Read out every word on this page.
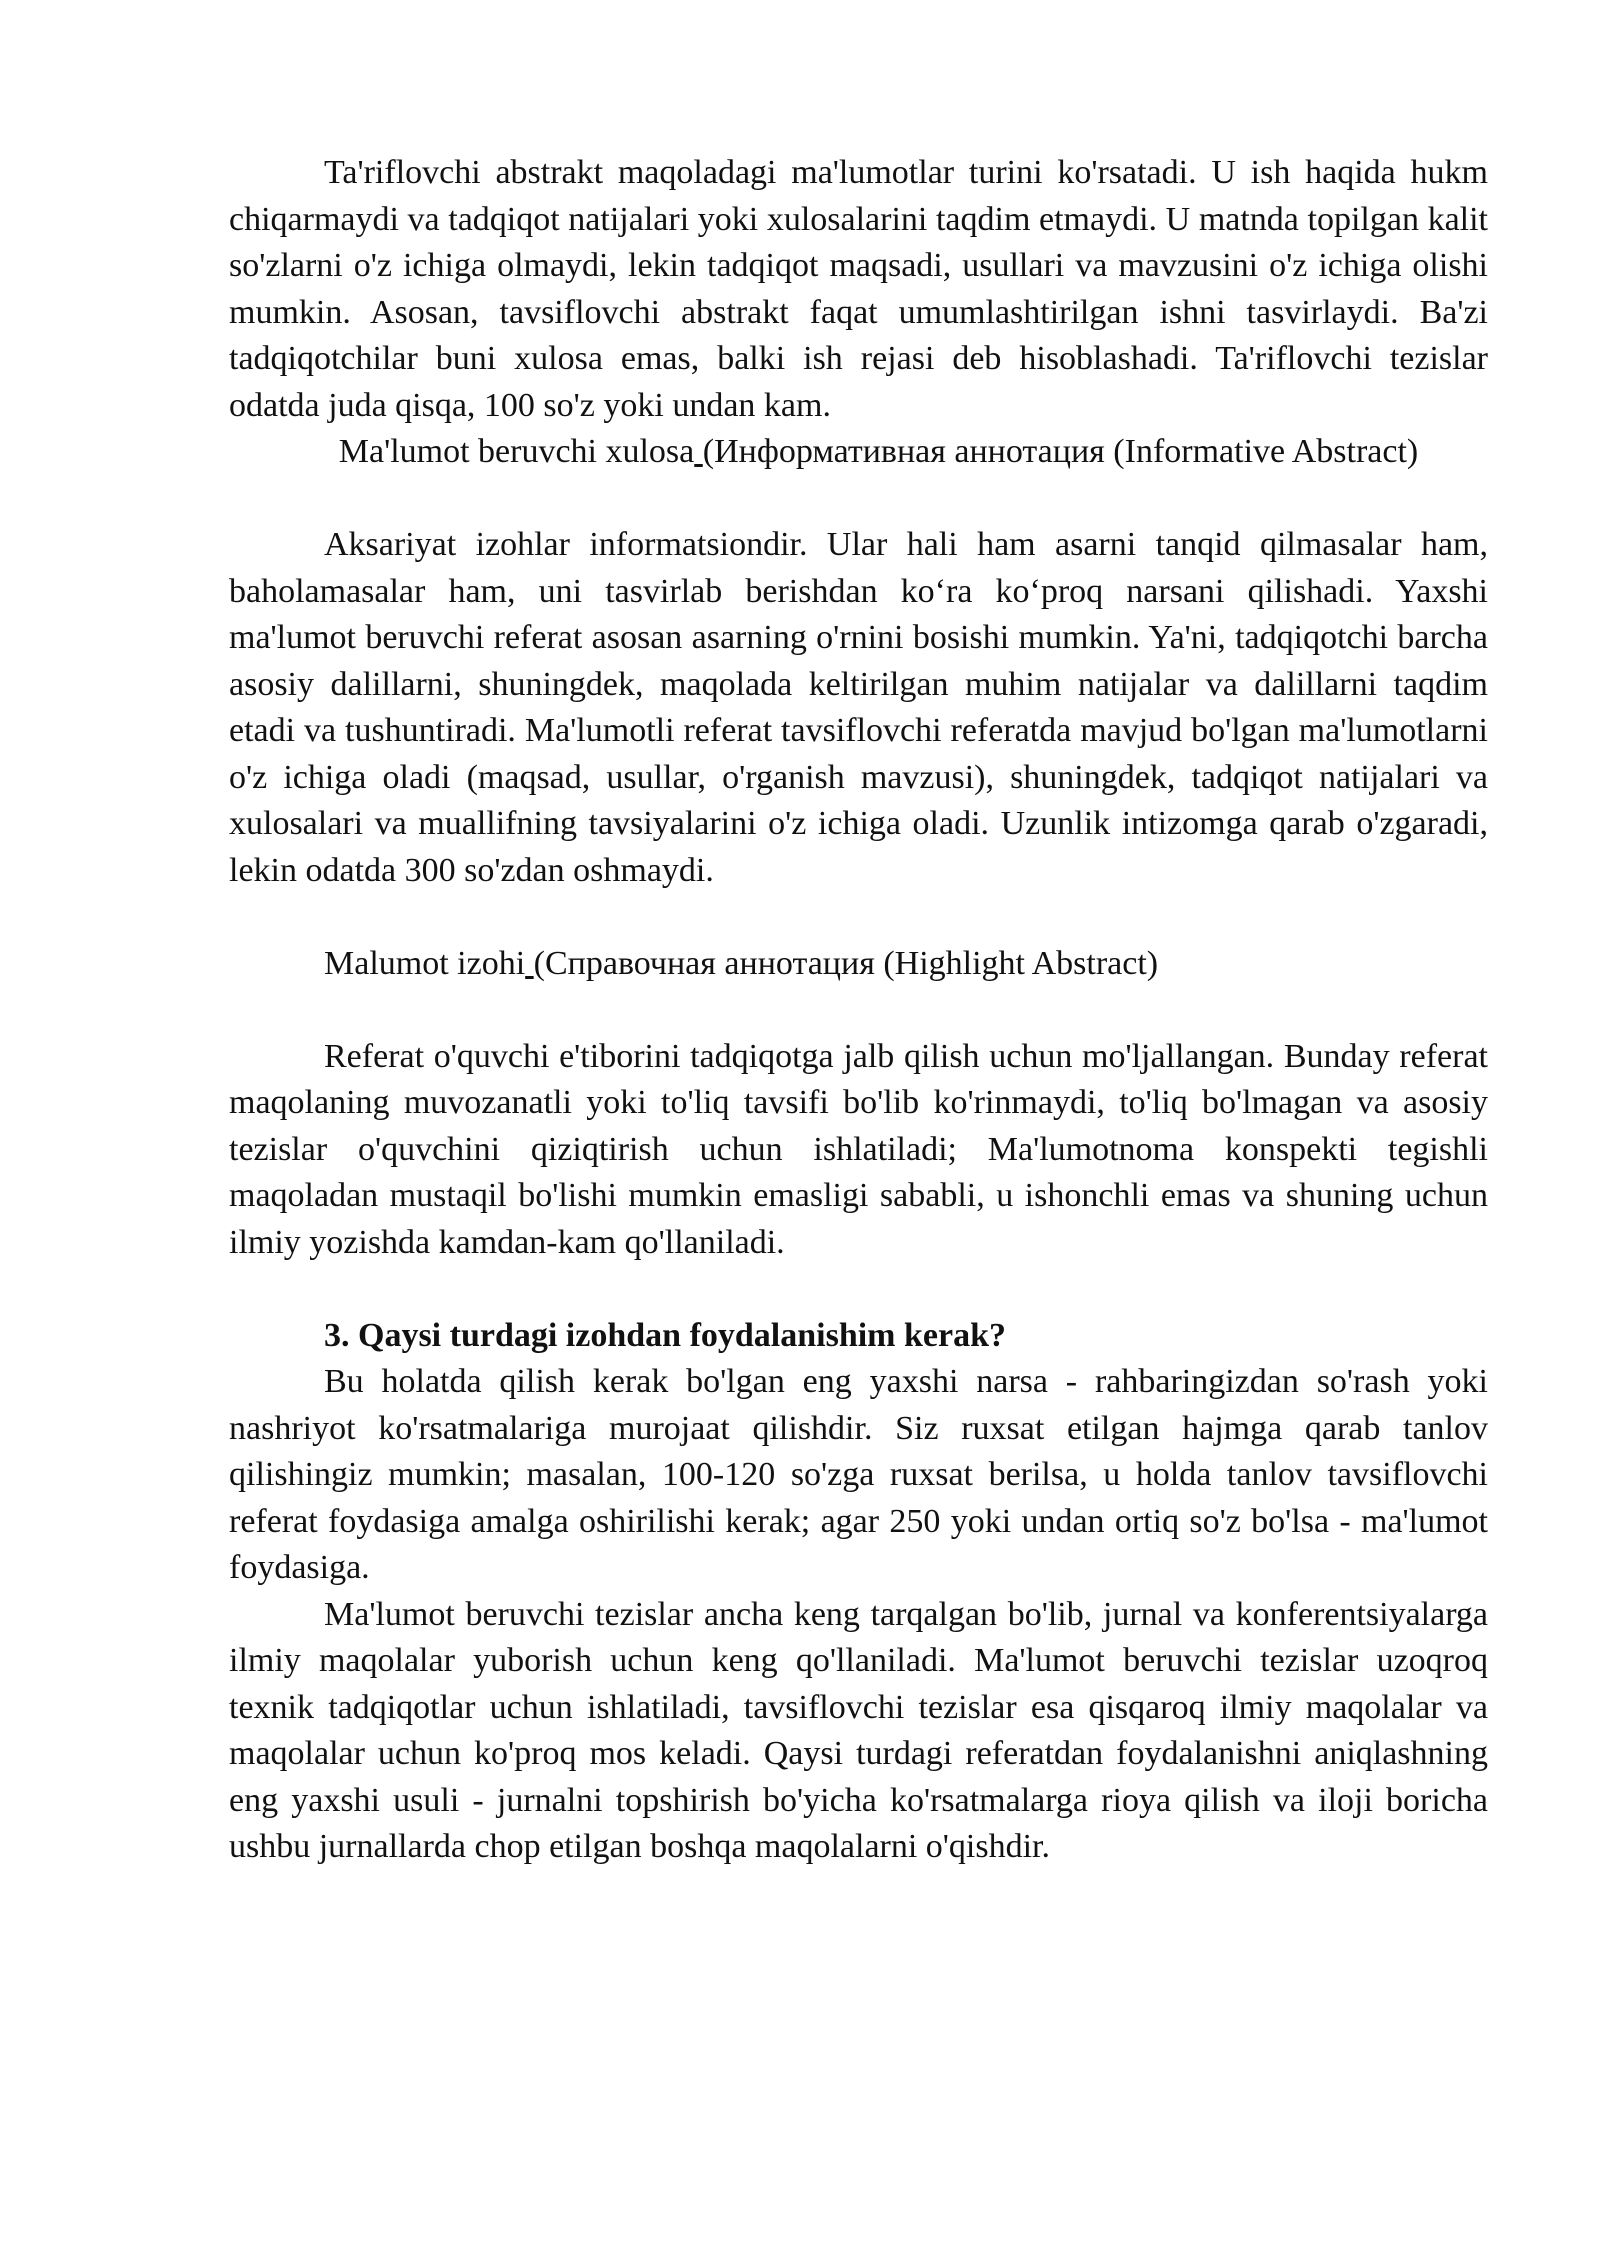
Ta'riflovchi abstrakt maqoladagi ma'lumotlar turini ko'rsatadi. U ish haqida hukm chiqarmaydi va tadqiqot natijalari yoki xulosalarini taqdim etmaydi. U matnda topilgan kalit so'zlarni o'z ichiga olmaydi, lekin tadqiqot maqsadi, usullari va mavzusini o'z ichiga olishi mumkin. Asosan, tavsiflovchi abstrakt faqat umumlashtirilgan ishni tasvirlaydi. Ba'zi tadqiqotchilar buni xulosa emas, balki ish rejasi deb hisoblashadi. Ta'riflovchi tezislar odatda juda qisqa, 100 so'z yoki undan kam.

Ma'lumot beruvchi xulosa (Информативная аннотация (Informative Abstract)

Aksariyat izohlar informatsiondir. Ular hali ham asarni tanqid qilmasalar ham, baholamasalar ham, uni tasvirlab berishdan ko‘ra ko‘proq narsani qilishadi. Yaxshi ma'lumot beruvchi referat asosan asarning o'rnini bosishi mumkin. Ya'ni, tadqiqotchi barcha asosiy dalillarni, shuningdek, maqolada keltirilgan muhim natijalar va dalillarni taqdim etadi va tushuntiradi. Ma'lumotli referat tavsiflovchi referatda mavjud bo'lgan ma'lumotlarni o'z ichiga oladi (maqsad, usullar, o'rganish mavzusi), shuningdek, tadqiqot natijalari va xulosalari va muallifning tavsiyalarini o'z ichiga oladi. Uzunlik intizomga qarab o'zgaradi, lekin odatda 300 so'zdan oshmaydi.

Malumot izohi (Справочная аннотация (Highlight Abstract)

Referat o'quvchi e'tiborini tadqiqotga jalb qilish uchun mo'ljallangan. Bunday referat maqolaning muvozanatli yoki to'liq tavsifi bo'lib ko'rinmaydi, to'liq bo'lmagan va asosiy tezislar o'quvchini qiziqtirish uchun ishlatiladi; Ma'lumotnoma konspekti tegishli maqoladan mustaqil bo'lishi mumkin emasligi sababli, u ishonchli emas va shuning uchun ilmiy yozishda kamdan-kam qo'llaniladi.

3. Qaysi turdagi izohdan foydalanishim kerak?

Bu holatda qilish kerak bo'lgan eng yaxshi narsa - rahbaringizdan so'rash yoki nashriyot ko'rsatmalariga murojaat qilishdir. Siz ruxsat etilgan hajmga qarab tanlov qilishingiz mumkin; masalan, 100-120 so'zga ruxsat berilsa, u holda tanlov tavsiflovchi referat foydasiga amalga oshirilishi kerak; agar 250 yoki undan ortiq so'z bo'lsa - ma'lumot foydasiga.

Ma'lumot beruvchi tezislar ancha keng tarqalgan bo'lib, jurnal va konferentsiyalarga ilmiy maqolalar yuborish uchun keng qo'llaniladi. Ma'lumot beruvchi tezislar uzoqroq texnik tadqiqotlar uchun ishlatiladi, tavsiflovchi tezislar esa qisqaroq ilmiy maqolalar va maqolalar uchun ko'proq mos keladi. Qaysi turdagi referatdan foydalanishni aniqlashning eng yaxshi usuli - jurnalni topshirish bo'yicha ko'rsatmalarga rioya qilish va iloji boricha ushbu jurnallarda chop etilgan boshqa maqolalarni o'qishdir.
